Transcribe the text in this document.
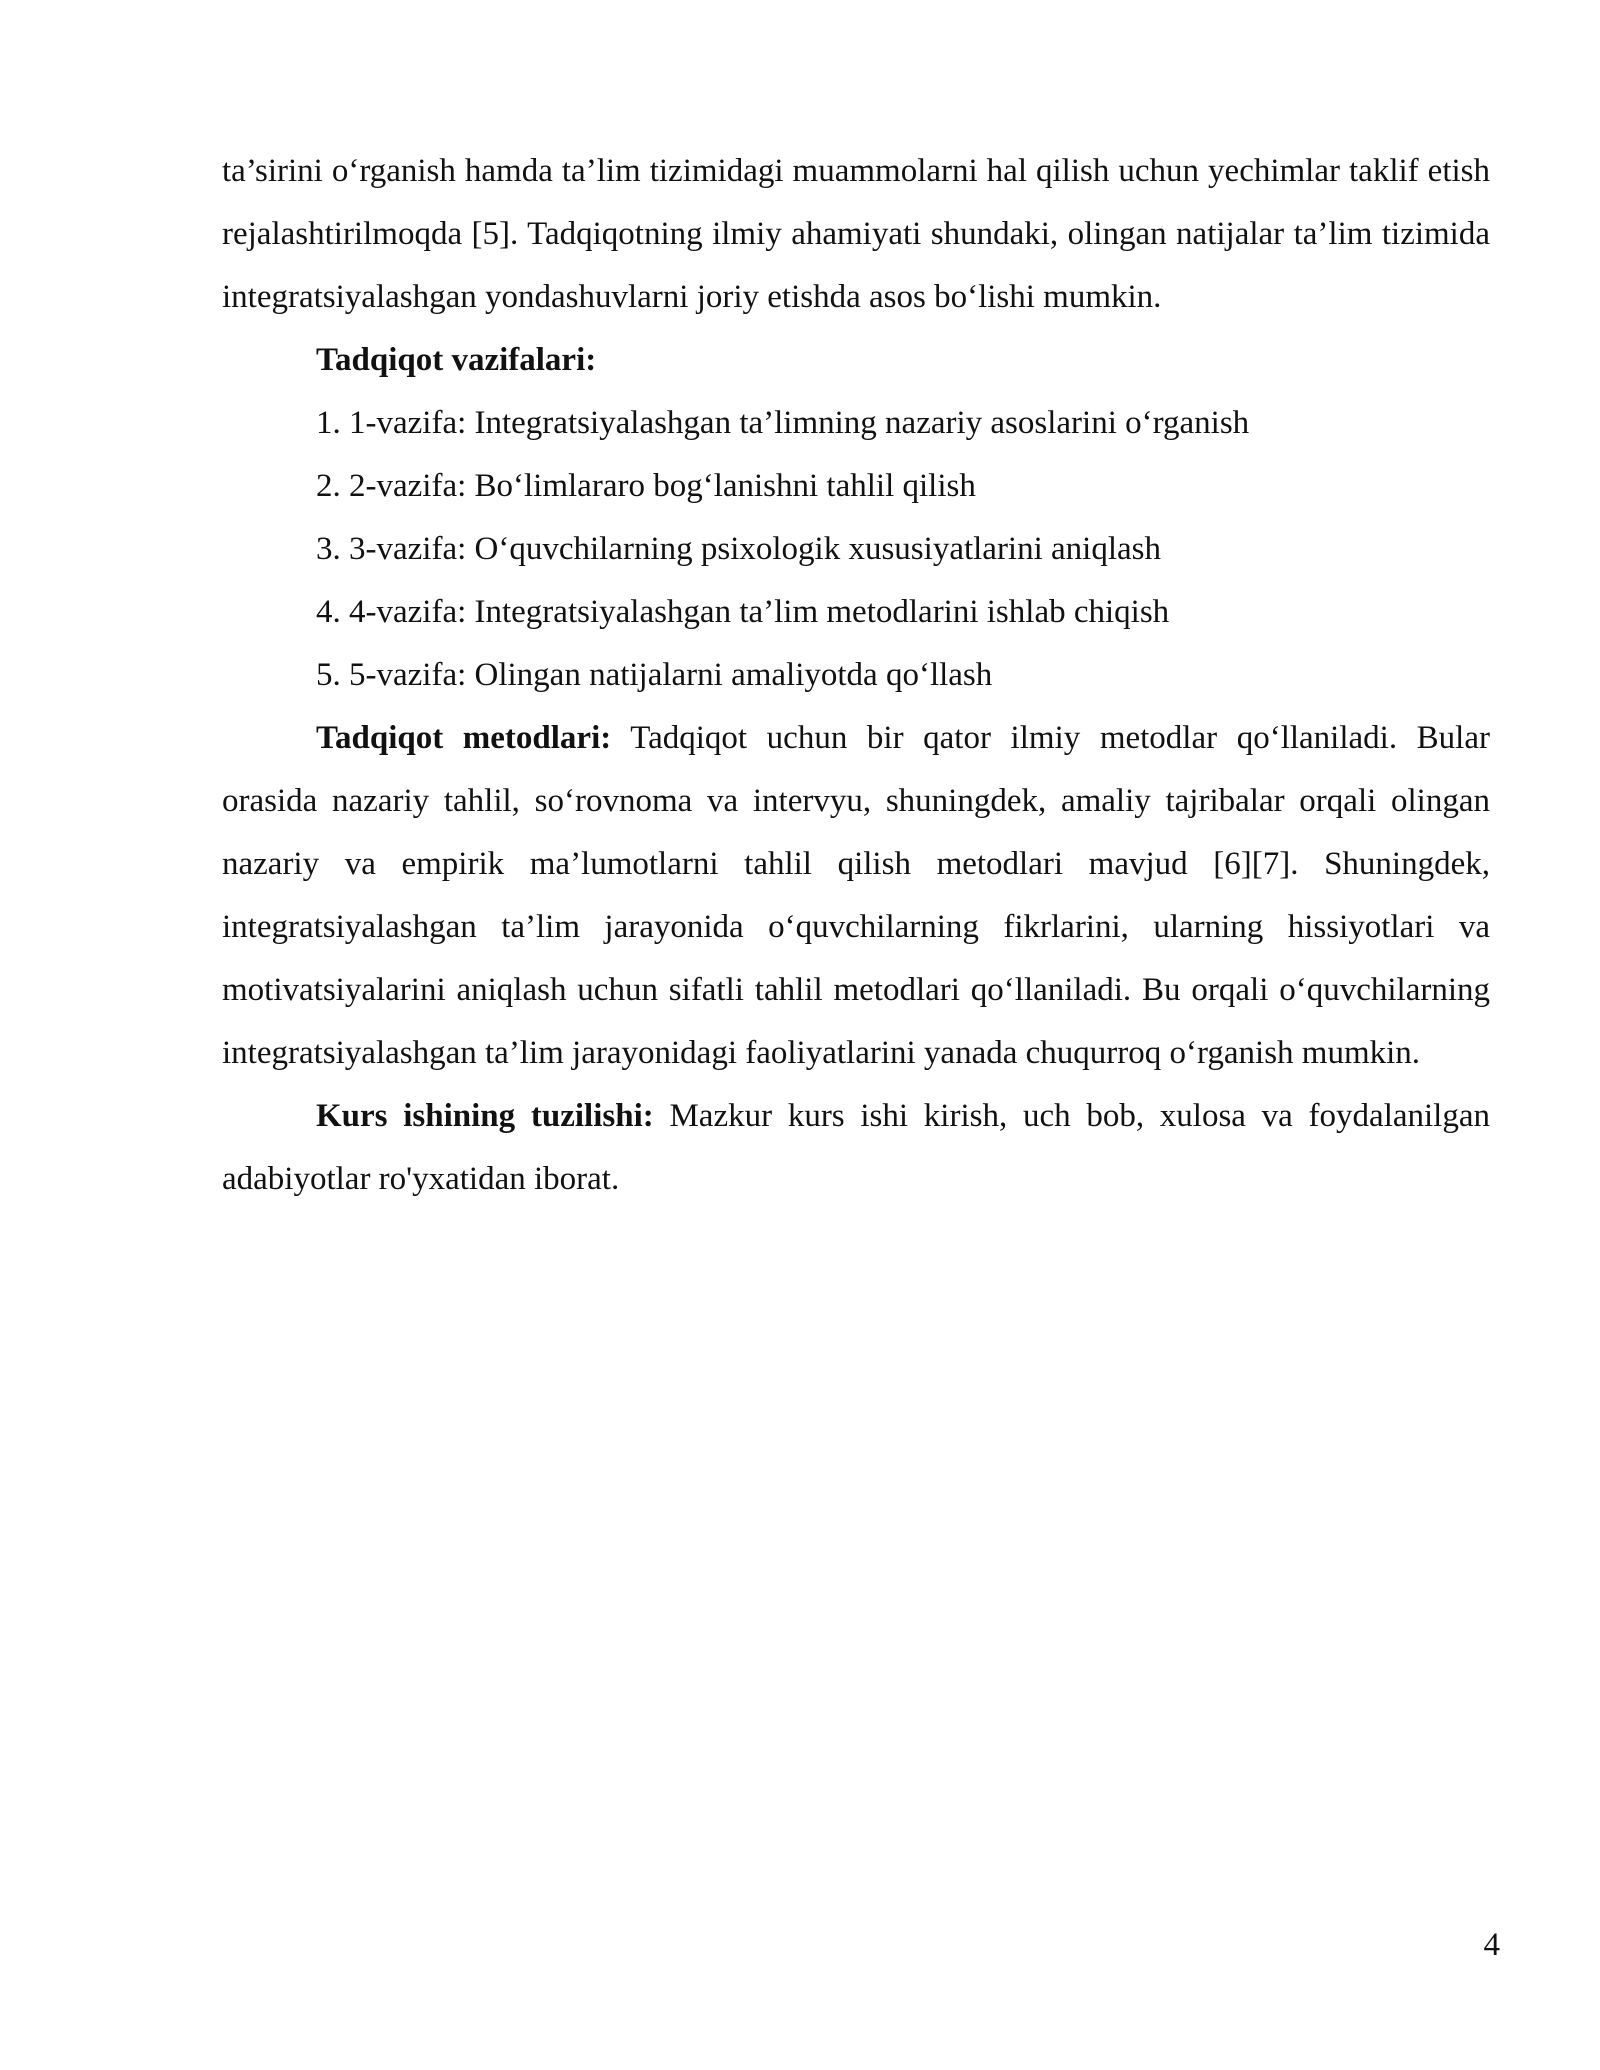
ta’sirini o‘rganish hamda ta’lim tizimidagi muammolarni hal qilish uchun yechimlar taklif etish rejalashtirilmoqda [5]. Tadqiqotning ilmiy ahamiyati shundaki, olingan natijalar ta’lim tizimida integratsiyalashgan yondashuvlarni joriy etishda asos bo‘lishi mumkin.

Tadqiqot vazifalari:

1. 1-vazifa: Integratsiyalashgan ta’limning nazariy asoslarini o‘rganish

2. 2-vazifa: Bo‘limlararo bog‘lanishni tahlil qilish

3. 3-vazifa: O‘quvchilarning psixologik xususiyatlarini aniqlash

4. 4-vazifa: Integratsiyalashgan ta’lim metodlarini ishlab chiqish

5. 5-vazifa: Olingan natijalarni amaliyotda qo‘llash

Tadqiqot metodlari: Tadqiqot uchun bir qator ilmiy metodlar qo‘llaniladi. Bular orasida nazariy tahlil, so‘rovnoma va intervyu, shuningdek, amaliy tajribalar orqali olingan nazariy va empirik ma’lumotlarni tahlil qilish metodlari mavjud [6][7]. Shuningdek, integratsiyalashgan ta’lim jarayonida o‘quvchilarning fikrlarini, ularning hissiyotlari va motivatsiyalarini aniqlash uchun sifatli tahlil metodlari qo‘llaniladi. Bu orqali o‘quvchilarning integratsiyalashgan ta’lim jarayonidagi faoliyatlarini yanada chuqurroq o‘rganish mumkin.

Kurs ishining tuzilishi: Mazkur kurs ishi kirish, uch bob, xulosa va foydalanilgan adabiyotlar ro'yxatidan iborat.

4
